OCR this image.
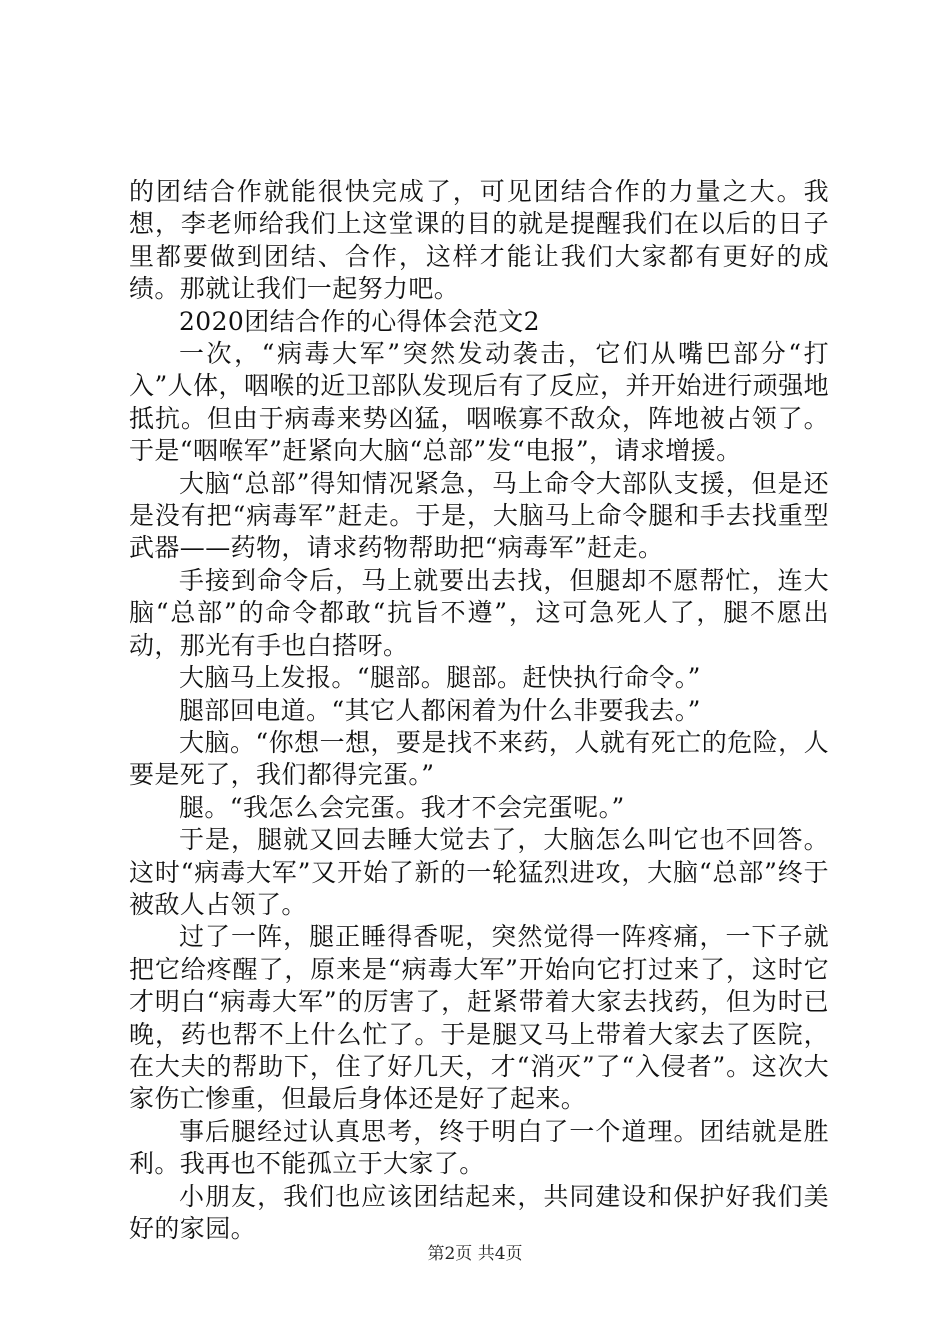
的团结合作就能很快完成了，可见团结合作的力量之大。我想，李老师给我们上这堂课的目的就是提醒我们在以后的日子里都要做到团结、合作，这样才能让我们大家都有更好的成绩。那就让我们一起努力吧。

2020团结合作的心得体会范文2

一次，“病毒大军”突然发动袭击，它们从嘴巴部分“打入”人体，咽喉的近卫部队发现后有了反应，并开始进行顽强地抵抗。但由于病毒来势凶猛，咽喉寡不敌众，阵地被占领了。于是“咽喉军”赶紧向大脑“总部”发“电报”，请求增援。

大脑“总部”得知情况紧急，马上命令大部队支援，但是还是没有把“病毒军”赶走。于是，大脑马上命令腿和手去找重型武器——药物，请求药物帮助把“病毒军”赶走。

手接到命令后，马上就要出去找，但腿却不愿帮忙，连大脑“总部”的命令都敢“抗旨不遵”，这可急死人了，腿不愿出动，那光有手也白搭呀。

大脑马上发报。“腿部。腿部。赶快执行命令。”

腿部回电道。“其它人都闲着为什么非要我去。”

大脑。“你想一想，要是找不来药，人就有死亡的危险，人要是死了，我们都得完蛋。”

腿。“我怎么会完蛋。我才不会完蛋呢。”

于是，腿就又回去睡大觉去了，大脑怎么叫它也不回答。这时“病毒大军”又开始了新的一轮猛烈进攻，大脑“总部”终于被敌人占领了。

过了一阵，腿正睡得香呢，突然觉得一阵疼痛，一下子就把它给疼醒了，原来是“病毒大军”开始向它打过来了，这时它才明白“病毒大军”的厉害了，赶紧带着大家去找药，但为时已晚，药也帮不上什么忙了。于是腿又马上带着大家去了医院，在大夫的帮助下，住了好几天，才“消灭”了“入侵者”。这次大家伤亡惨重，但最后身体还是好了起来。

事后腿经过认真思考，终于明白了一个道理。团结就是胜利。我再也不能孤立于大家了。

小朋友，我们也应该团结起来，共同建设和保护好我们美好的家园。

第2页 共4页
